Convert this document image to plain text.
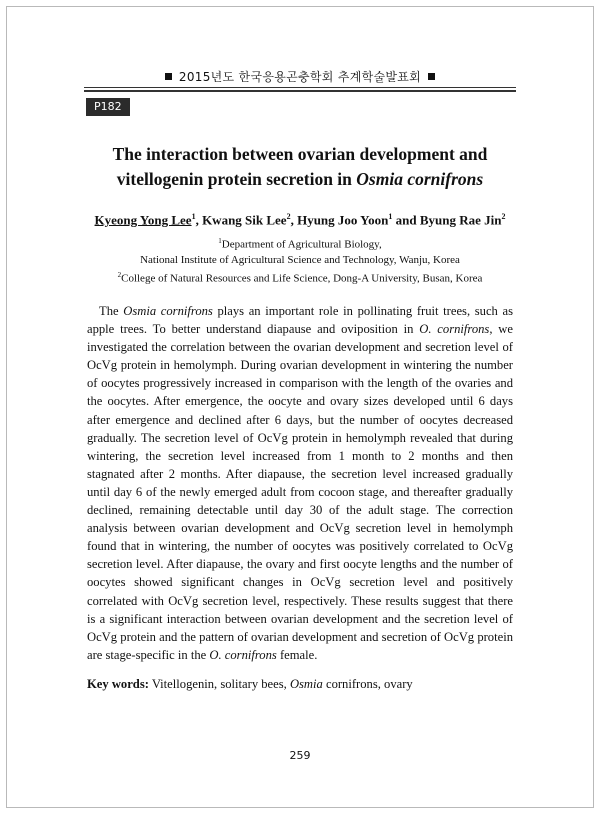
2015년도 한국응용곤충학회 추계학술발표회
P182
The interaction between ovarian development and
vitellogenin protein secretion in Osmia cornifrons
Kyeong Yong Lee$^1$, Kwang Sik Lee$^2$, Hyung Joo Yoon$^1$ and Byung Rae Jin$^2$
$^1$Department of Agricultural Biology,
National Institute of Agricultural Science and Technology, Wanju, Korea
$^2$College of Natural Resources and Life Science, Dong-A University, Busan, Korea

The Osmia cornifrons plays an important role in pollinating fruit trees, such as apple trees. To better understand diapause and oviposition in O. cornifrons, we investigated the correlation between the ovarian development and secretion level of OcVg protein in hemolymph. During ovarian development in wintering the number of oocytes progressively increased in comparison with the length of the ovaries and the oocytes. After emergence, the oocyte and ovary sizes developed until 6 days after emergence and declined after 6 days, but the number of oocytes decreased gradually. The secretion level of OcVg protein in hemolymph revealed that during wintering, the secretion level increased from 1 month to 2 months and then stagnated after 2 months. After diapause, the secretion level increased gradually until day 6 of the newly emerged adult from cocoon stage, and thereafter gradually declined, remaining detectable until day 30 of the adult stage. The correction analysis between ovarian development and OcVg secretion level in hemolymph found that in wintering, the number of oocytes was positively correlated to OcVg secretion level. After diapause, the ovary and first oocyte lengths and the number of oocytes showed significant changes in OcVg secretion level and positively correlated with OcVg secretion level, respectively. These results suggest that there is a significant interaction between ovarian development and the secretion level of OcVg protein and the pattern of ovarian development and secretion of OcVg protein are stage-specific in the O. cornifrons female.

Key words: Vitellogenin, solitary bees, Osmia cornifrons, ovary
259
